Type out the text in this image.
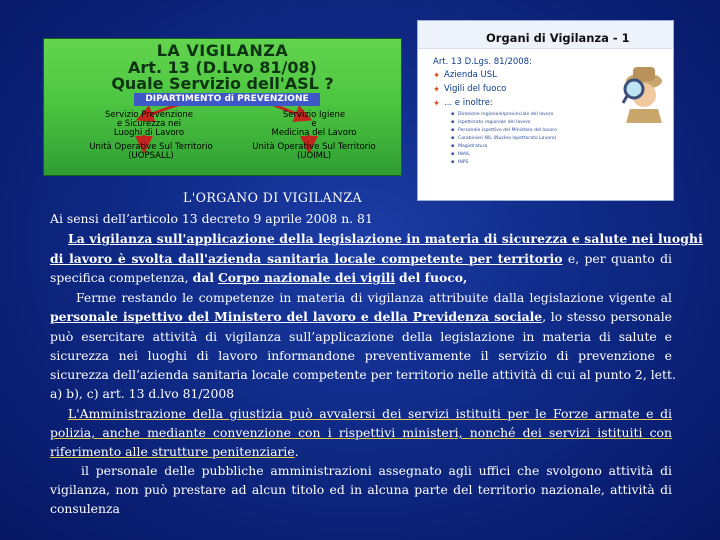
LA VIGILANZA
Art. 13 (D.Lvo 81/08)
Quale Servizio dell'ASL ?
DIPARTIMENTO di PREVENZIONE
Servizio Prevenzione
e Sicurezza nei
Luoghi di Lavoro
Servizio Igiene
e
Medicina del Lavoro
Unità Operative Sul Territorio
(UOPSALL)
Unità Operative Sul Territorio
(UOIML)
Organi di Vigilanza - 1
Art. 13 D.Lgs. 81/2008:
✦ Azienda USL
✦ Vigili del fuoco
✦ ... e inoltre:
▪ Direzione regionale/provinciale del lavoro
▪ Ispettorato regionale del lavoro
▪ Personale ispettivo del Ministero del lavoro
▪ Carabinieri NIL (Nucleo Ispettorato Lavoro)
▪ Magistratura
▪ INAIL
▪ INPS
L'ORGANO DI VIGILANZA
Ai sensi dell’articolo 13 decreto 9 aprile 2008 n. 81
La vigilanza sull'applicazione della legislazione in materia di sicurezza e salute nei luoghi
di lavoro è svolta dall'azienda sanitaria locale competente per territorio e, per quanto di
specifica competenza, dal Corpo nazionale dei vigili del fuoco,
Ferme restando le competenze in materia di vigilanza attribuite dalla legislazione vigente al
personale ispettivo del Ministero del lavoro e della Previdenza sociale, lo stesso personale
può esercitare attività di vigilanza sull’applicazione della legislazione in materia di salute e
sicurezza nei luoghi di lavoro informandone preventivamente il servizio di prevenzione e
sicurezza dell’azienda sanitaria locale competente per territorio nelle attività di cui al punto 2, lett.
a) b), c) art. 13 d.lvo 81/2008
L'Amministrazione della giustizia può avvalersi dei servizi istituiti per le Forze armate e di
polizia, anche mediante convenzione con i rispettivi ministeri, nonché dei servizi istituiti con
riferimento alle strutture penitenziarie.
il personale delle pubbliche amministrazioni assegnato agli uffici che svolgono attività di
vigilanza, non può prestare ad alcun titolo ed in alcuna parte del territorio nazionale, attività di
consulenza
